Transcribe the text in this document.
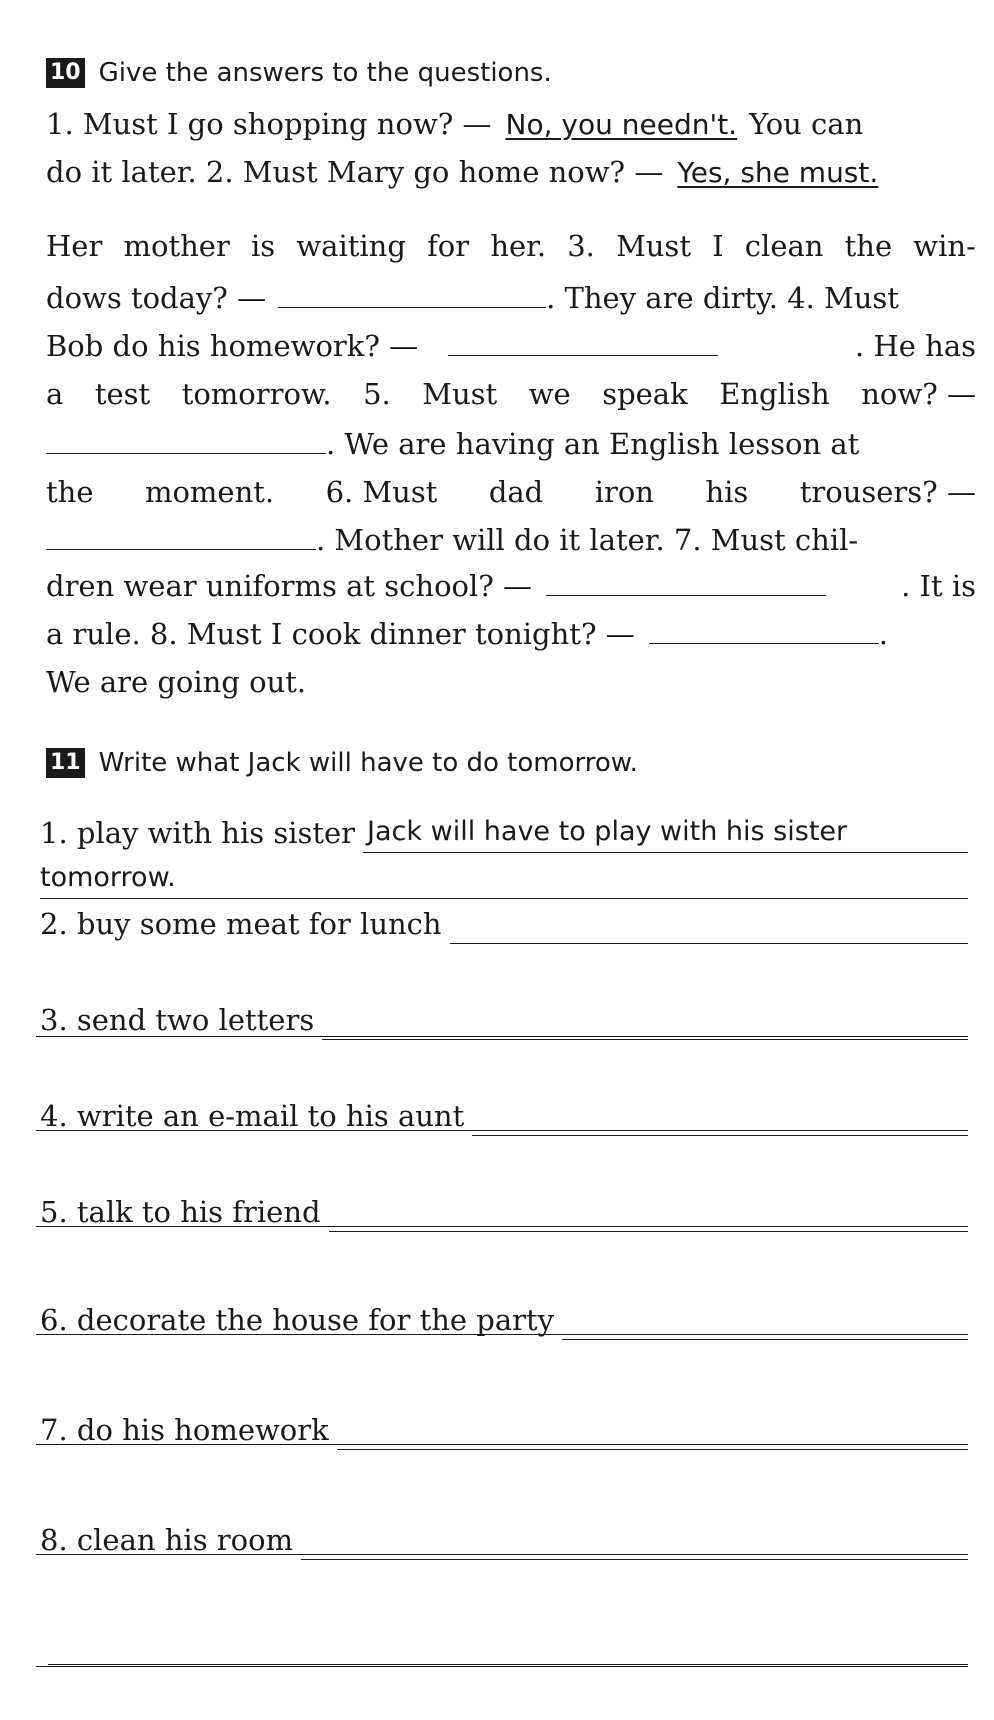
10 Give the answers to the questions.
1. Must I go shopping now? — No, you needn't. You can
do it later. 2. Must Mary go home now? — Yes, she must.
Her mother is waiting for her. 3. Must I clean the win-
dows today? —	. They are dirty. 4. Must
Bob do his homework? —	. He has
a test tomorrow. 5. Must we speak English now? —
. We are having an English lesson at
the moment. 6. Must dad iron his trousers? —
. Mother will do it later. 7. Must chil-
dren wear uniforms at school? —	. It is
a rule. 8. Must I cook dinner tonight? —	.
We are going out.
11 Write what Jack will have to do tomorrow.
1. play with his sister Jack will have to play with his sister
tomorrow.
2. buy some meat for lunch
3. send two letters
4. write an e-mail to his aunt
5. talk to his friend
6. decorate the house for the party
7. do his homework
8. clean his room
